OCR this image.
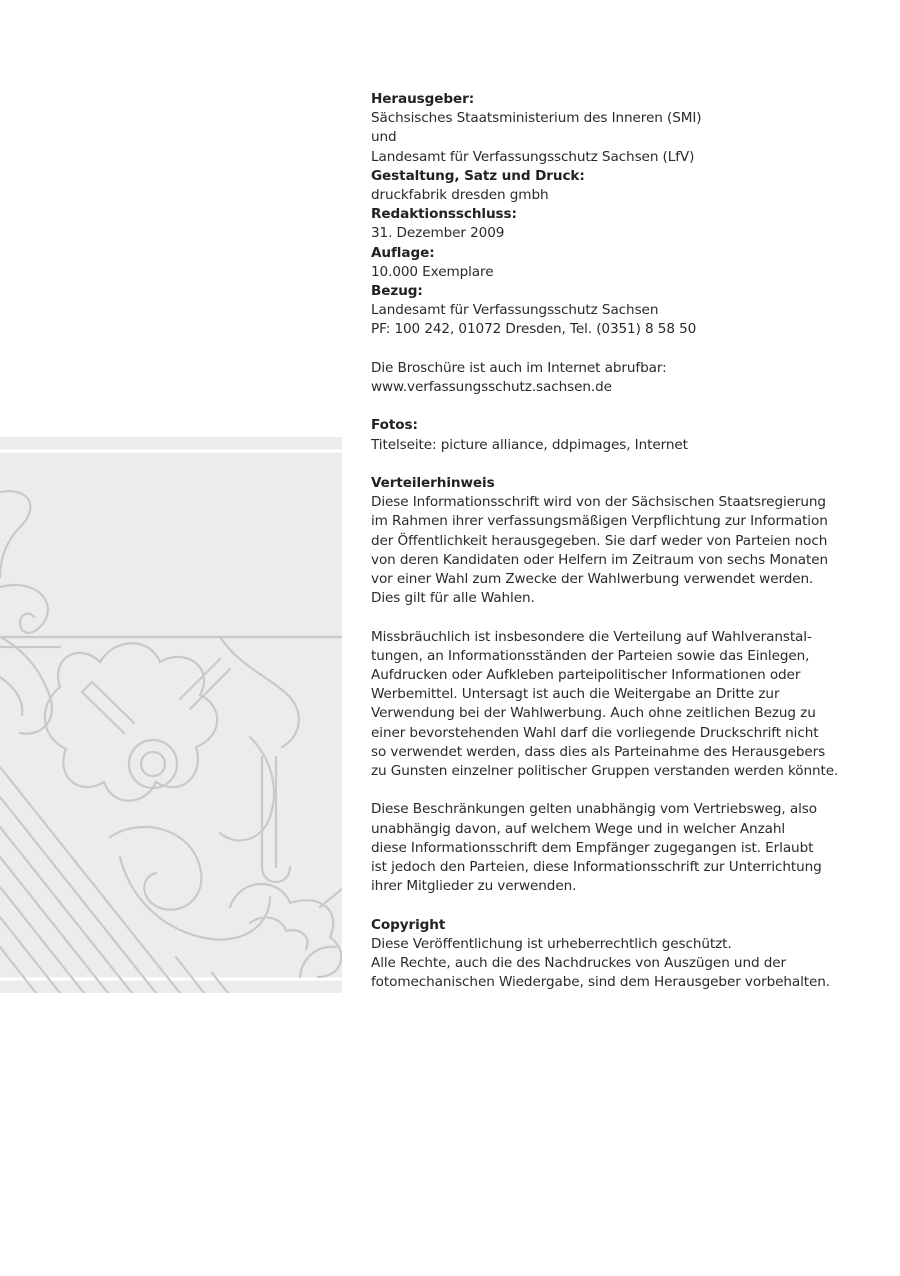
Herausgeber:

Sächsisches Staatsministerium des Inneren (SMI)

und

Landesamt für Verfassungsschutz Sachsen (LfV)

Gestaltung, Satz und Druck:

druckfabrik dresden gmbh

Redaktionsschluss:

31. Dezember 2009

Auflage:

10.000 Exemplare

Bezug:

Landesamt für Verfassungsschutz Sachsen

PF: 100 242, 01072 Dresden, Tel. (0351) 8 58 50

Die Broschüre ist auch im Internet abrufbar:

www.verfassungsschutz.sachsen.de

Fotos:

Titelseite: picture alliance, ddpimages, Internet

Verteilerhinweis

Diese Informationsschrift wird von der Sächsischen Staatsregierung

im Rahmen ihrer verfassungsmäßigen Verpflichtung zur Information

der Öffentlichkeit herausgegeben. Sie darf weder von Parteien noch

von deren Kandidaten oder Helfern im Zeitraum von sechs Monaten

vor einer Wahl zum Zwecke der Wahlwerbung verwendet werden.

Dies gilt für alle Wahlen.

Missbräuchlich ist insbesondere die Verteilung auf Wahlveranstal-

tungen, an Informationsständen der Parteien sowie das Einlegen,

Aufdrucken oder Aufkleben parteipolitischer Informationen oder

Werbemittel. Untersagt ist auch die Weitergabe an Dritte zur

Verwendung bei der Wahlwerbung. Auch ohne zeitlichen Bezug zu

einer bevorstehenden Wahl darf die vorliegende Druckschrift nicht

so verwendet werden, dass dies als Parteinahme des Herausgebers

zu Gunsten einzelner politischer Gruppen verstanden werden könnte.

Diese Beschränkungen gelten unabhängig vom Vertriebsweg, also

unabhängig davon, auf welchem Wege und in welcher Anzahl

diese Informationsschrift dem Empfänger zugegangen ist. Erlaubt

ist jedoch den Parteien, diese Informationsschrift zur Unterrichtung

ihrer Mitglieder zu verwenden.

Copyright

Diese Veröffentlichung ist urheberrechtlich geschützt.

Alle Rechte, auch die des Nachdruckes von Auszügen und der

fotomechanischen Wiedergabe, sind dem Herausgeber vorbehalten.
